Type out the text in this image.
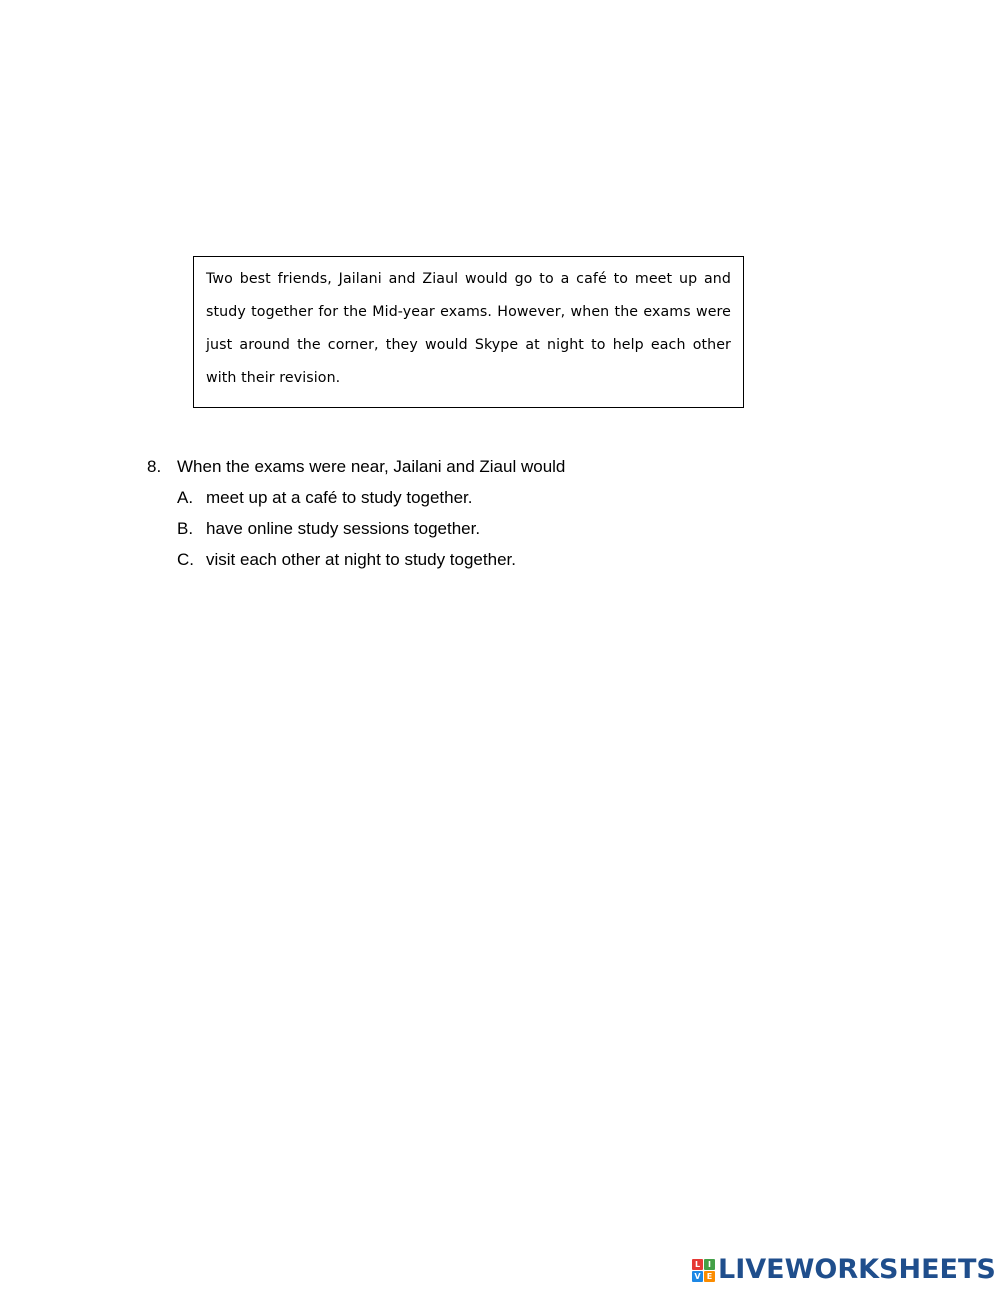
Two best friends, Jailani and Ziaul would go to a café to meet up and study together for the Mid-year exams. However, when the exams were just around the corner, they would Skype at night to help each other with their revision.

8. When the exams were near, Jailani and Ziaul would
A. meet up at a café to study together.
B. have online study sessions together.
C. visit each other at night to study together.
L I
V E LIVEWORKSHEETS
